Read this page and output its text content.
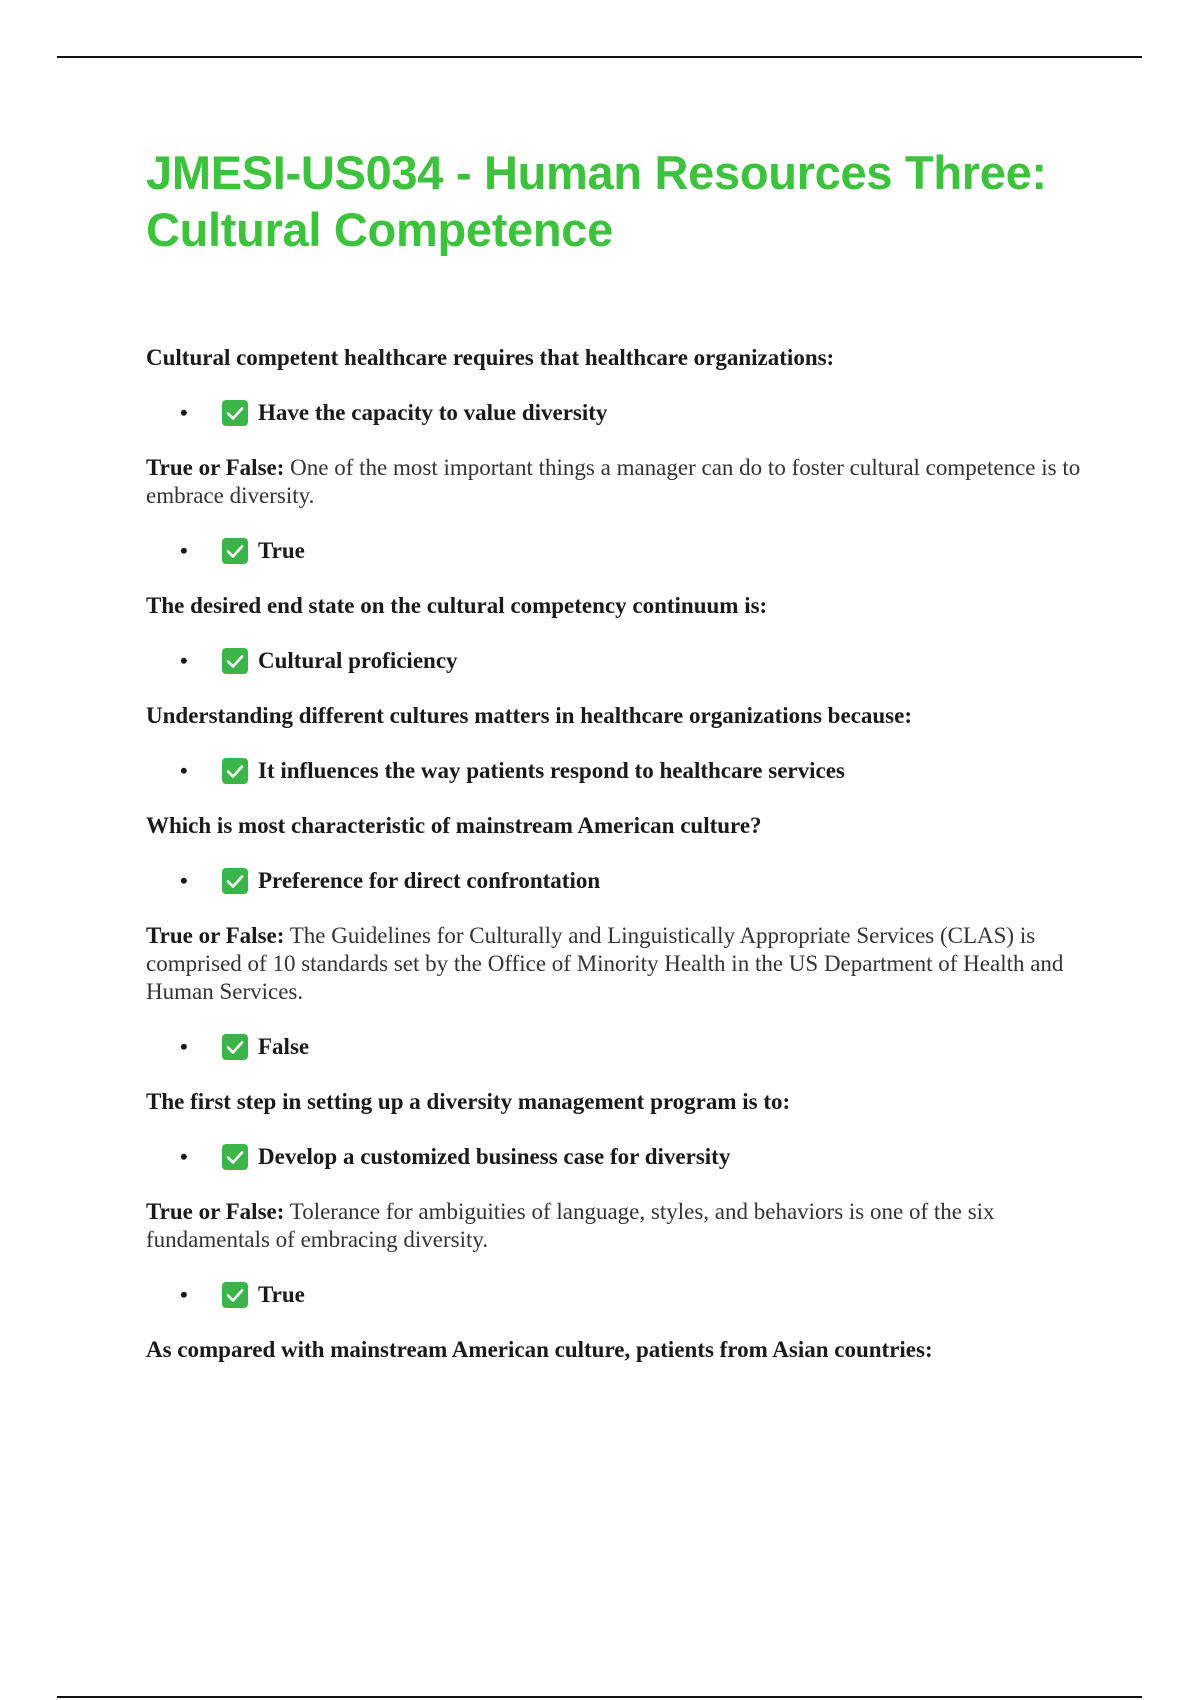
JMESI-US034 - Human Resources Three: Cultural Competence

Cultural competent healthcare requires that healthcare organizations:

•	Have the capacity to value diversity

True or False: One of the most important things a manager can do to foster cultural competence is to embrace diversity.

•	True

The desired end state on the cultural competency continuum is:

•	Cultural proficiency

Understanding different cultures matters in healthcare organizations because:

•	It influences the way patients respond to healthcare services

Which is most characteristic of mainstream American culture?

•	Preference for direct confrontation

True or False: The Guidelines for Culturally and Linguistically Appropriate Services (CLAS) is comprised of 10 standards set by the Office of Minority Health in the US Department of Health and Human Services.

•	False

The first step in setting up a diversity management program is to:

•	Develop a customized business case for diversity

True or False: Tolerance for ambiguities of language, styles, and behaviors is one of the six fundamentals of embracing diversity.

•	True

As compared with mainstream American culture, patients from Asian countries:
